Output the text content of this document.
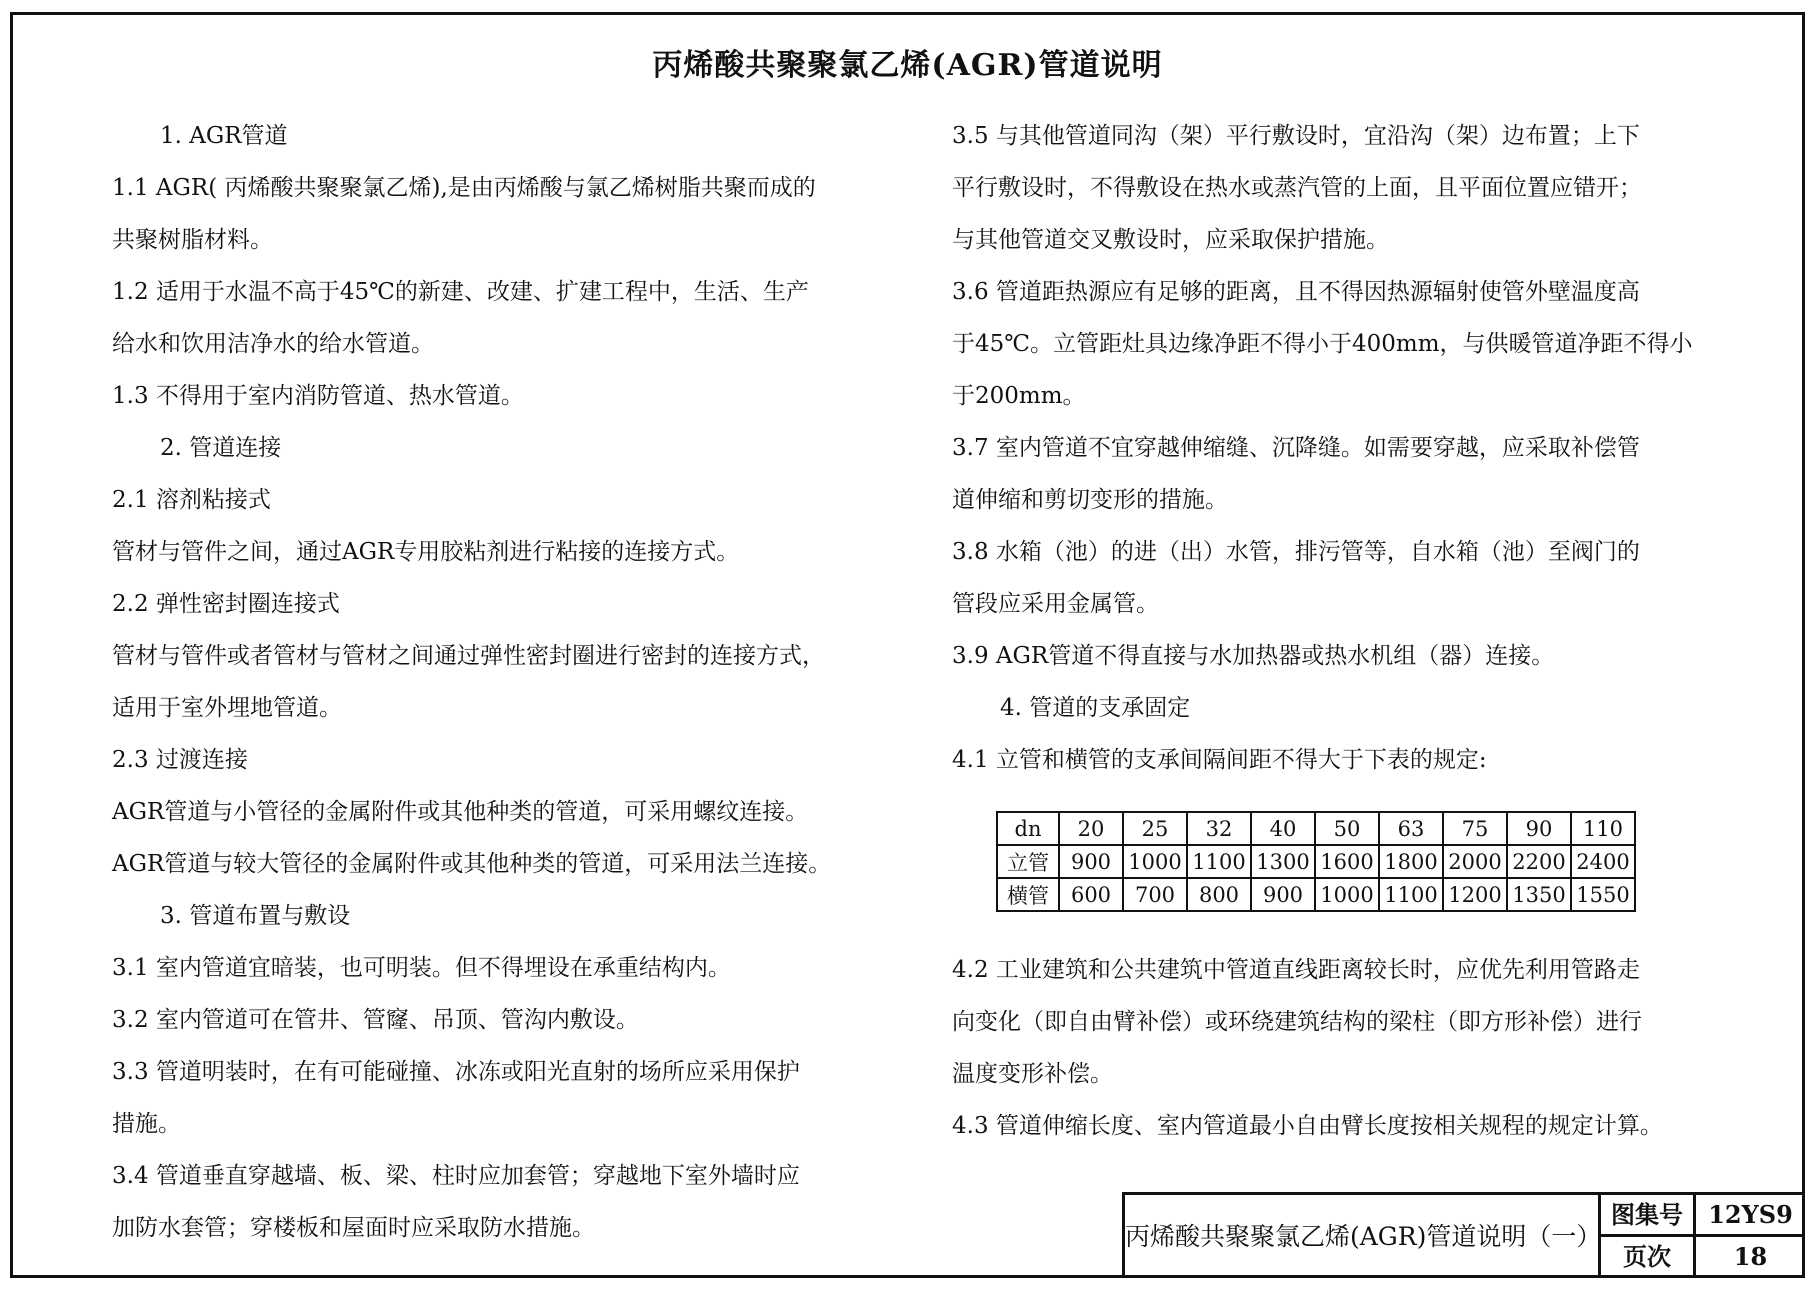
丙烯酸共聚聚氯乙烯(AGR)管道说明
1. AGR管道
1.1 AGR( 丙烯酸共聚聚氯乙烯),是由丙烯酸与氯乙烯树脂共聚而成的
共聚树脂材料。
1.2 适用于水温不高于45℃的新建、改建、扩建工程中，生活、生产
给水和饮用洁净水的给水管道。
1.3 不得用于室内消防管道、热水管道。
2. 管道连接
2.1 溶剂粘接式
管材与管件之间，通过AGR专用胶粘剂进行粘接的连接方式。
2.2 弹性密封圈连接式
管材与管件或者管材与管材之间通过弹性密封圈进行密封的连接方式，
适用于室外埋地管道。
2.3 过渡连接
AGR管道与小管径的金属附件或其他种类的管道，可采用螺纹连接。
AGR管道与较大管径的金属附件或其他种类的管道，可采用法兰连接。
3. 管道布置与敷设
3.1 室内管道宜暗装，也可明装。但不得埋设在承重结构内。
3.2 室内管道可在管井、管窿、吊顶、管沟内敷设。
3.3 管道明装时，在有可能碰撞、冰冻或阳光直射的场所应采用保护
措施。
3.4 管道垂直穿越墙、板、梁、柱时应加套管；穿越地下室外墙时应
加防水套管；穿楼板和屋面时应采取防水措施。
3.5 与其他管道同沟（架）平行敷设时，宜沿沟（架）边布置；上下
平行敷设时，不得敷设在热水或蒸汽管的上面，且平面位置应错开；
与其他管道交叉敷设时，应采取保护措施。
3.6 管道距热源应有足够的距离，且不得因热源辐射使管外壁温度高
于45℃。立管距灶具边缘净距不得小于400mm，与供暖管道净距不得小
于200mm。
3.7 室内管道不宜穿越伸缩缝、沉降缝。如需要穿越，应采取补偿管
道伸缩和剪切变形的措施。
3.8 水箱（池）的进（出）水管，排污管等，自水箱（池）至阀门的
管段应采用金属管。
3.9 AGR管道不得直接与水加热器或热水机组（器）连接。
4. 管道的支承固定
4.1 立管和横管的支承间隔间距不得大于下表的规定:
dn	20	25	32	40	50	63	75	90	110
立管	900	1000	1100	1300	1600	1800	2000	2200	2400
横管	600	700	800	900	1000	1100	1200	1350	1550
4.2 工业建筑和公共建筑中管道直线距离较长时，应优先利用管路走
向变化（即自由臂补偿）或环绕建筑结构的梁柱（即方形补偿）进行
温度变形补偿。
4.3 管道伸缩长度、室内管道最小自由臂长度按相关规程的规定计算。
丙烯酸共聚聚氯乙烯(AGR)管道说明（一）
图集号	12YS9
页次	18
